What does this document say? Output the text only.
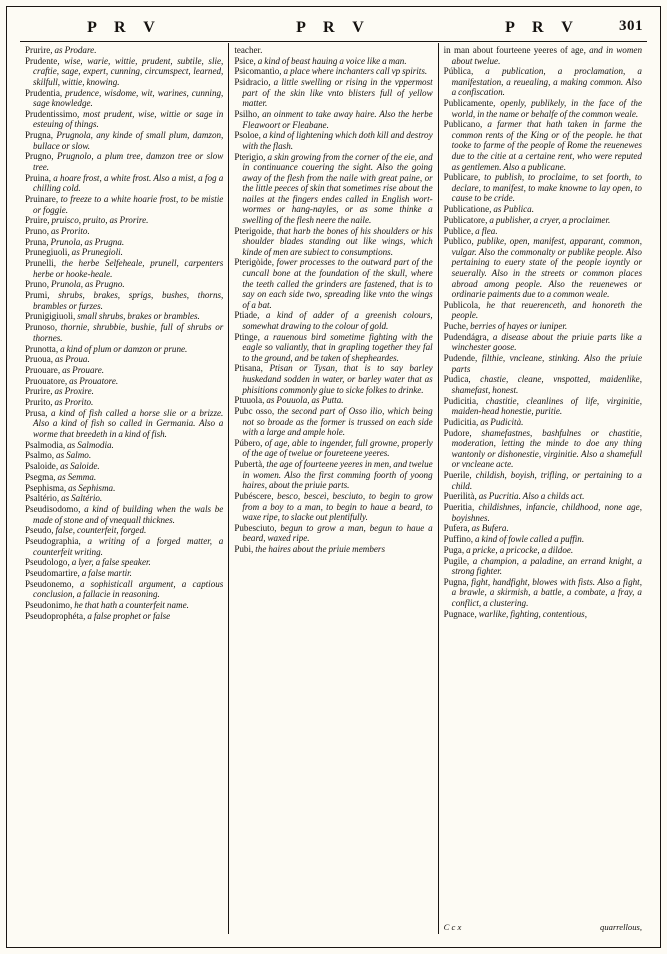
P R V	P R V	P R V	301

Prurire, as Prodare.

Prudente, wise, warie, wittie, prudent, subtile, slie, craftie, sage, expert, cunning, circumspect, learned, skilfull, wittie, knowing.

Prudentia, prudence, wisdome, wit, warines, cunning, sage knowledge.

Prudentissimo, most prudent, wise, wittie or sage in esteuing of things.

Prugna, Prugnola, any kinde of small plum, damzon, bullace or slow.

Prugno, Prugnolo, a plum tree, damzon tree or slow tree.

Pruina, a hoare frost, a white frost. Also a mist, a fog a chilling cold.

Pruinare, to freeze to a white hoarie frost, to be mistie or foggie.

Pruire, pruisco, pruito, as Prorire.

Pruno, as Prorito.

Pruna, Prunola, as Prugna.

Prunegiuoli, as Prunegioli.

Prunelli, the herbe Selfeheale, prunell, carpenters herbe or hooke-heale.

Pruno, Prunola, as Prugno.

Prumi, shrubs, brakes, sprigs, bushes, thorns, brambles or furzes.

Prunigigiuoli, small shrubs, brakes or brambles.

Prunoso, thornie, shrubbie, bushie, full of shrubs or thornes.

Prunotta, a kind of plum or damzon or prune.

Pruoua, as Proua.

Pruouare, as Prouare.

Pruouatore, as Prouatore.

Prurire, as Proxire.

Prurito, as Prorito.

Prusa, a kind of fish called a horse slie or a brizze. Also a kind of fish so called in Germania. Also a worme that breedeth in a kind of fish.

Psalmodia, as Salmodia.

Psalmo, as Salmo.

Psaloide, as Saloide.

Psegma, as Semma.

Psephisma, as Sephisma.

Psaltério, as Saltério.

Pseudisodomo, a kind of building when the wals be made of stone and of vnequall thicknes.

Pseudo, false, counterfeit, forged.

Pseudographia, a writing of a forged matter, a counterfeit writing.

Pseudologo, a lyer, a false speaker.

Pseudomartire, a false martir.

Pseudonemo, a sophisticall argument, a captious conclusion, a fallacie in reasoning.

Pseudonimo, he that hath a counterfeit name.

Pseudoprophéta, a false prophet or false

teacher.

Psice, a kind of beast hauing a voice like a man.

Psicomantìo, a place where inchanters call vp spirits.

Psidracio, a little swelling or rising in the vppermost part of the skin like vnto blisters full of yellow matter.

Psilho, an oinment to take away haire. Also the herbe Fleawoort or Fleabane.

Psoloe, a kind of lightening which doth kill and destroy with the flash.

Pterigio, a skin growing from the corner of the eie, and in continuance couering the sight. Also the going away of the flesh from the naile with great paine, or the little peeces of skin that sometimes rise about the nailes at the fingers endes called in English wort-wormes or hang-nayles, or as some thinke a swelling of the flesh neere the naile.

Pterigoide, that harb the bones of his shoulders or his shoulder blades standing out like wings, which kinde of men are subiect to consumptions.

Pterigòide, fower processes to the outward part of the cuncall bone at the foundation of the skull, where the teeth called the grinders are fastened, that is to say on each side two, spreading like vnto the wings of a bat.

Ptiade, a kind of adder of a greenish colours, somewhat drawing to the colour of gold.

Ptinge, a rauenous bird sometime fighting with the eagle so valiantly, that in grapling together they fal to the ground, and be taken of shepheardes.

Ptisana, Ptisan or Tysan, that is to say barley huskedand sodden in water, or barley water that as phisitions commonly giue to sicke folkes to drinke.

Ptuuola, as Pouuola, as Putta.

Pubc osso, the second part of Osso ilio, which being not so broade as the former is trussed on each side with a large and ample hole.

Púbero, of age, able to ingender, full growne, properly of the age of twelue or foureteene yeeres.

Pubertà, the age of fourteene yeeres in men, and twelue in women. Also the first comming foorth of yoong haires, about the priuie parts.

Pubéscere, besco, besceì, besciuto, to begin to grow from a boy to a man, to begin to haue a beard, to waxe ripe, to slacke out plentifully.

Pubesciuto, begun to grow a man, begun to haue a beard, waxed ripe.

Pubi, the haires about the priuie members

in man about fourteene yeeres of age, and in women about twelue.

Pública, a publication, a proclamation, a manifestation, a reuealing, a making common. Also a confiscation.

Publicamente, openly, publikely, in the face of the world, in the name or behalfe of the common weale.

Publicano, a farmer that hath taken in farme the common rents of the King or of the people. he that tooke to farme of the people of Rome the reuenewes due to the citie at a certaine rent, who were reputed as gentlemen. Also a publicane.

Publicare, to publish, to proclaime, to set foorth, to declare, to manifest, to make knowne to lay open, to cause to be cride.

Publicatione, as Publica.

Publicatore, a publisher, a cryer, a proclaimer.

Publice, a flea.

Publico, publike, open, manifest, apparant, common, vulgar. Also the commonalty or publike people. Also pertaining to euery state of the people ioyntly or seuerally. Also in the streets or common places abroad among people. Also the reuenewes or ordinarie paiments due to a common weale.

Publicola, he that reuerenceth, and honoreth the people.

Puche, berries of hayes or iuniper.

Pudendágra, a disease about the priuie parts like a winchester goose.

Pudende, filthie, vncleane, stinking. Also the priuie parts

Pudica, chastie, cleane, vnspotted, maidenlike, shamefast, honest.

Pudicitia, chastitie, cleanlines of life, virginitie, maiden-head honestie, puritie.

Pudicitia, as Pudicità.

Pudore, shamefastnes, bashfulnes or chastitie, moderation, letting the minde to doe any thing wantonly or dishonestie, virginitie. Also a shamefull or vncleane acte.

Puerile, childish, boyish, trifling, or pertaining to a child.

Puerilità, as Pucritia. Also a childs act.

Pueritia, childishnes, infancie, childhood, none age, boyishnes.

Pufera, as Bufera.

Puffino, a kind of fowle called a puffin.

Puga, a pricke, a pricocke, a dildoe.

Pugile, a champion, a paladine, an errand knight, a strong fighter.

Pugna, fight, handfight, blowes with fists. Also a fight, a brawle, a skirmish, a battle, a combate, a fray, a conflict, a clustering.

Pugnace, warlike, fighting, contentious,

C c x	quarrellous,
